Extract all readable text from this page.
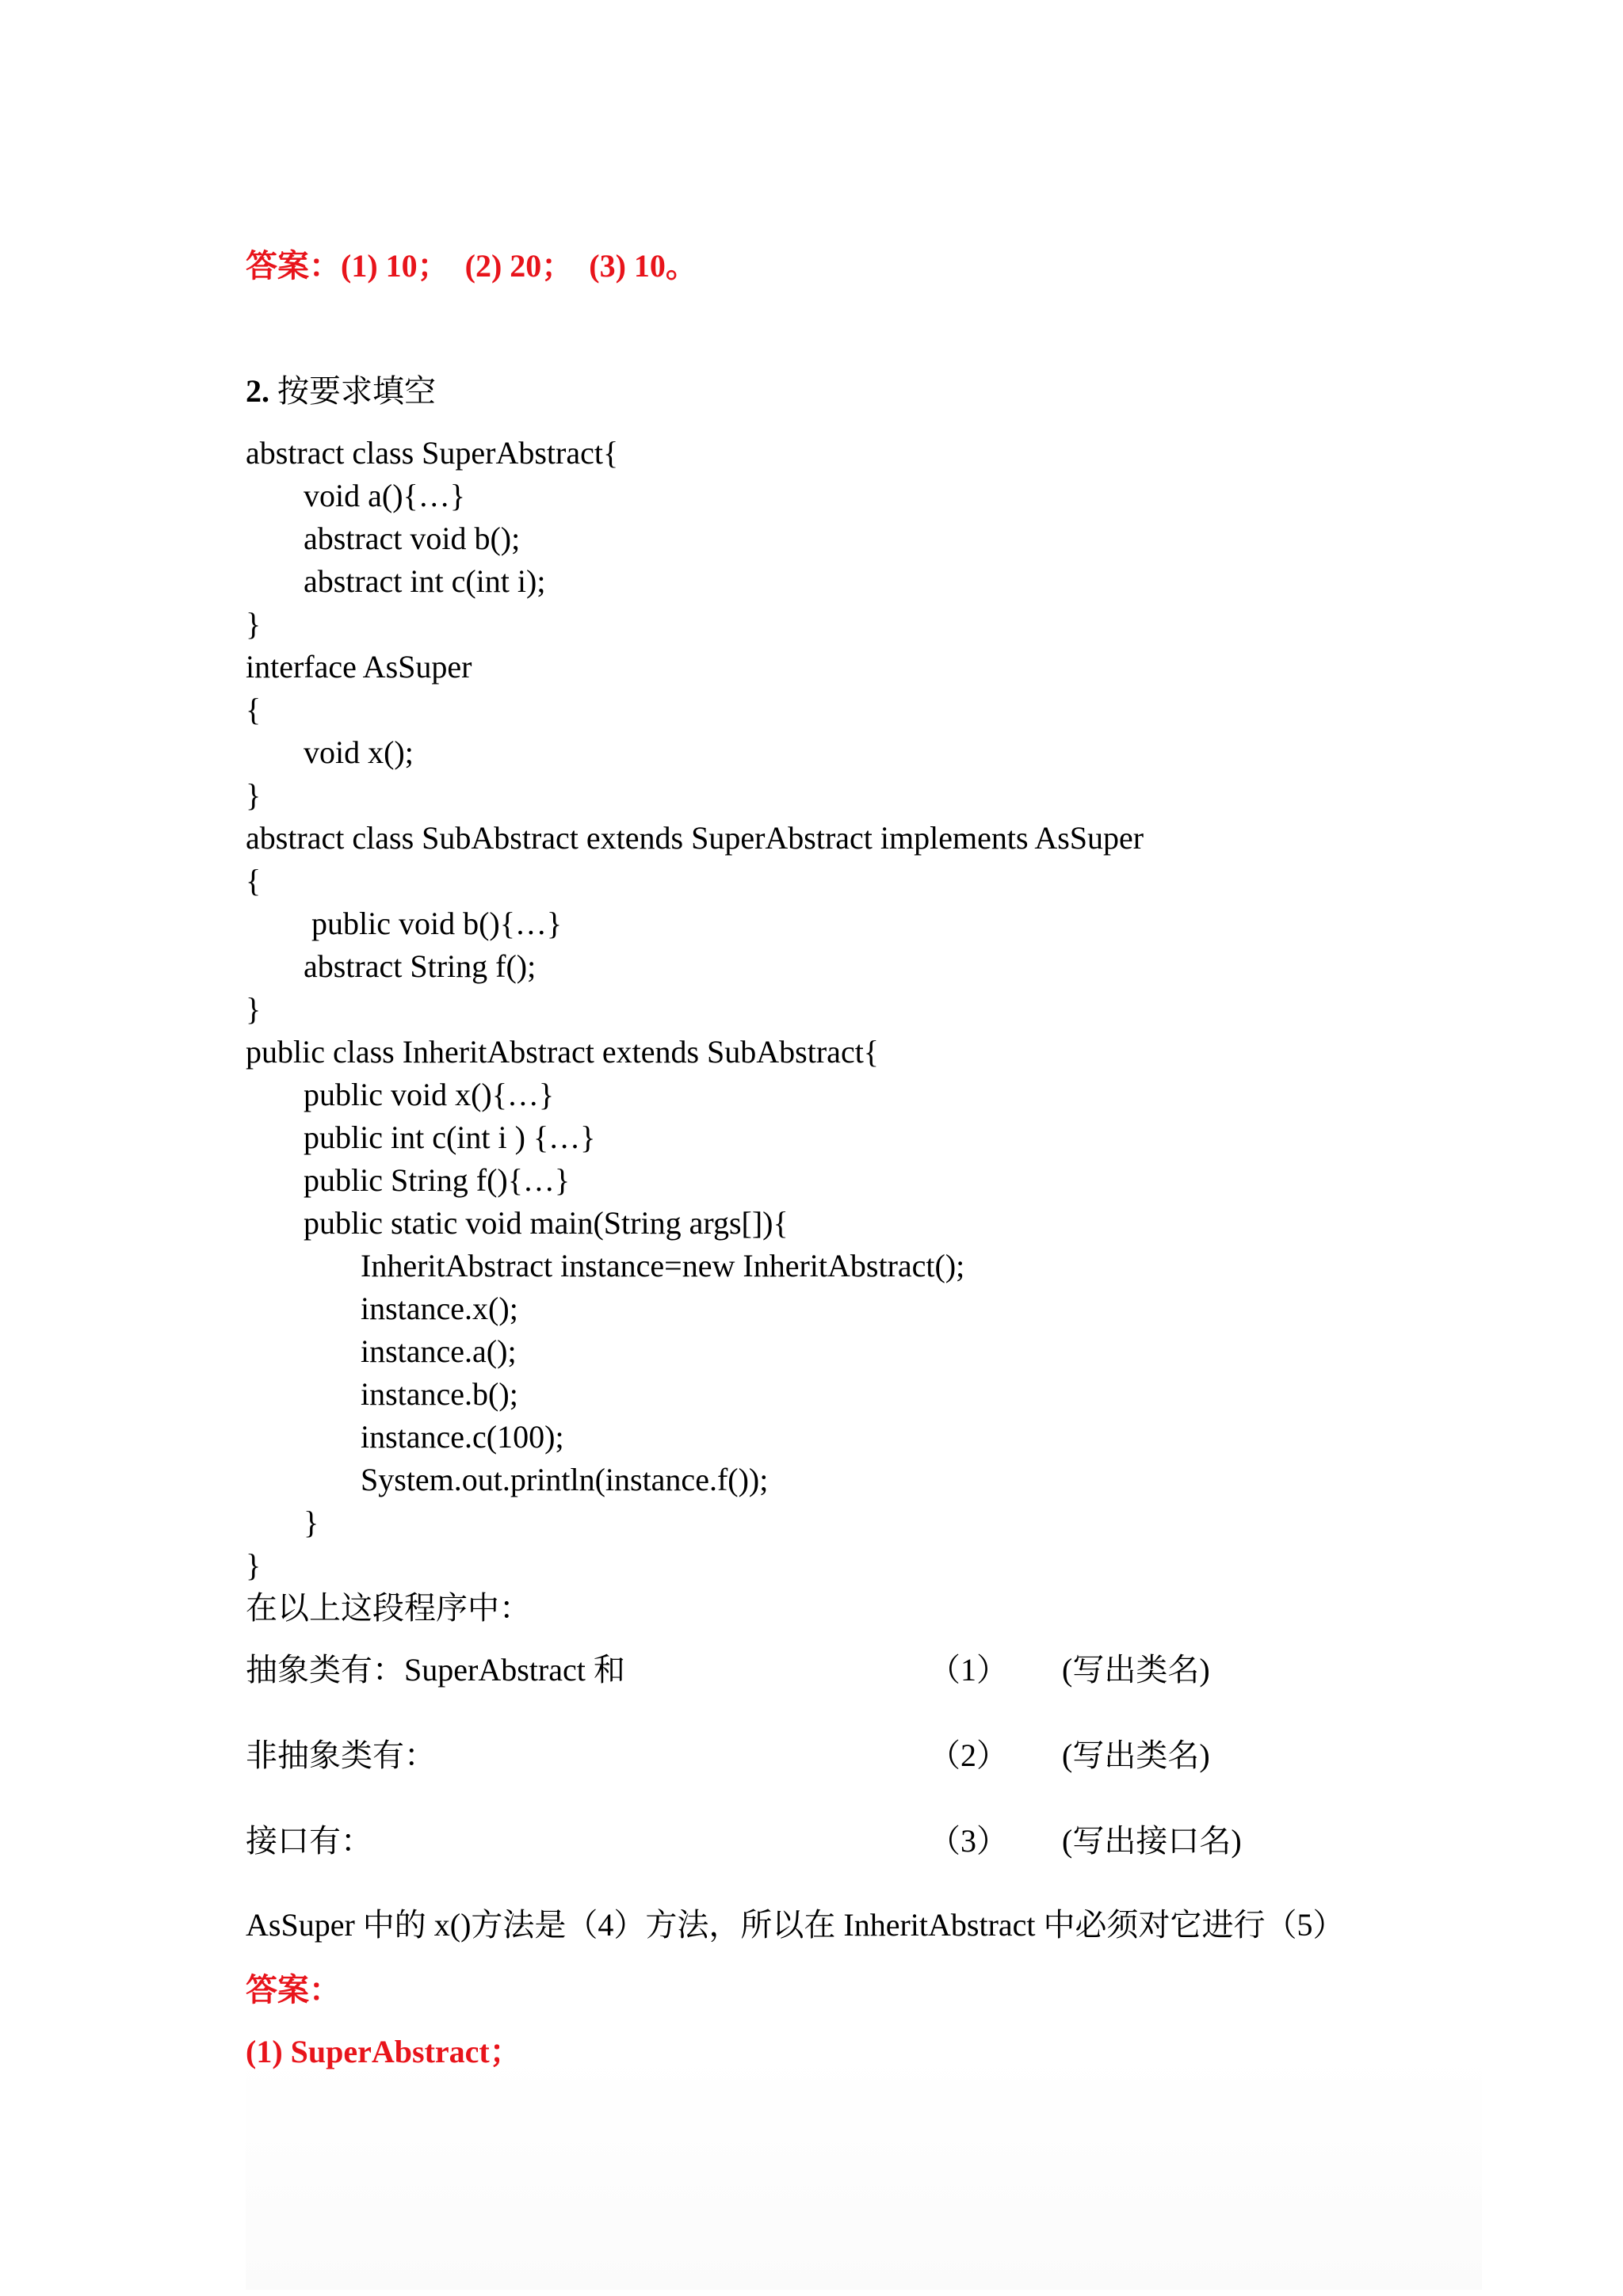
答案：(1) 10；  (2) 20；  (3) 10。

2. 按要求填空

abstract class SuperAbstract{

void a(){…}

abstract void b();

abstract int c(int i);

}

interface AsSuper

{

void x();

}

abstract class SubAbstract extends SuperAbstract implements AsSuper

{

public void b(){…}

abstract String f();

}

public class InheritAbstract extends SubAbstract{

public void x(){…}

public int c(int i ) {…}

public String f(){…}

public static void main(String args[]){

InheritAbstract instance=new InheritAbstract();

instance.x();

instance.a();

instance.b();

instance.c(100);

System.out.println(instance.f());

}

}

在以上这段程序中：

抽象类有：SuperAbstract 和	（1） (写出类名)

非抽象类有：	（2） (写出类名)

接口有：	（3） (写出接口名)

AsSuper 中的 x()方法是（4）方法，所以在 InheritAbstract 中必须对它进行（5）

答案：

(1) SuperAbstract；
